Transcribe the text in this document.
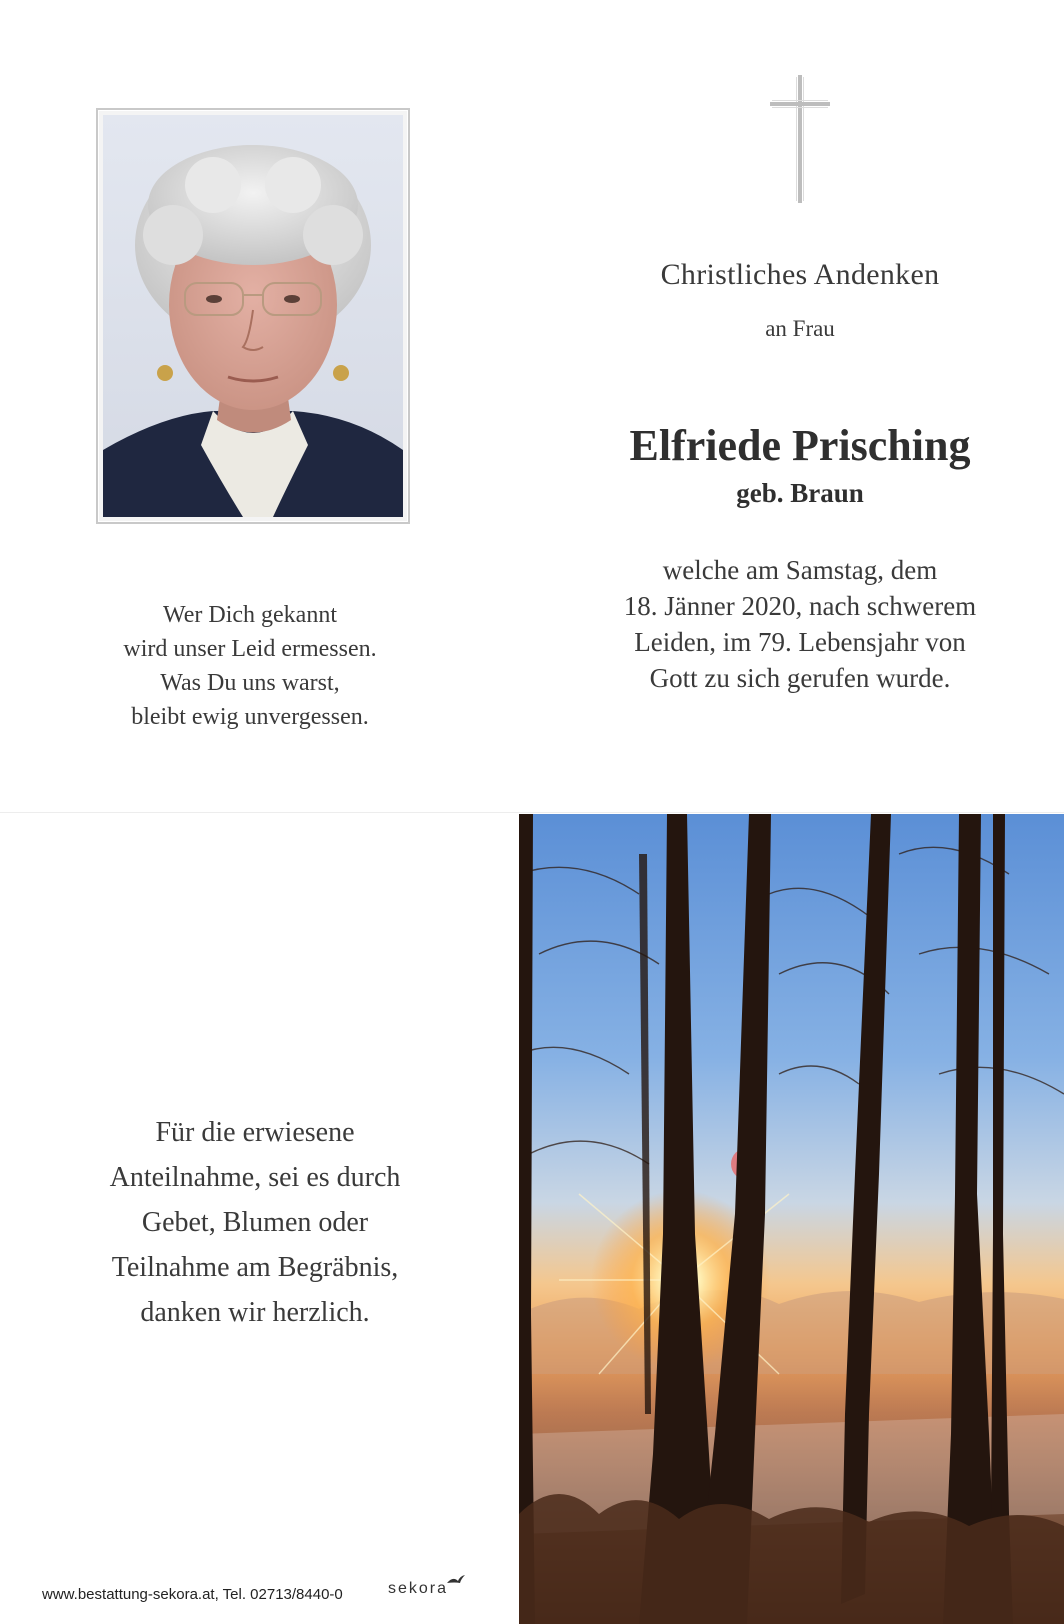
Christliches Andenken
an Frau
Elfriede Prisching
geb. Braun
welche am Samstag, dem
18. Jänner 2020, nach schwerem
Leiden, im 79. Lebensjahr von
Gott zu sich gerufen wurde.
Wer Dich gekannt
wird unser Leid ermessen.
Was Du uns warst,
bleibt ewig unvergessen.
Für die erwiesene
Anteilnahme, sei es durch
Gebet, Blumen oder
Teilnahme am Begräbnis,
danken wir herzlich.
www.bestattung-sekora.at, Tel. 02713/8440-0	sekora
